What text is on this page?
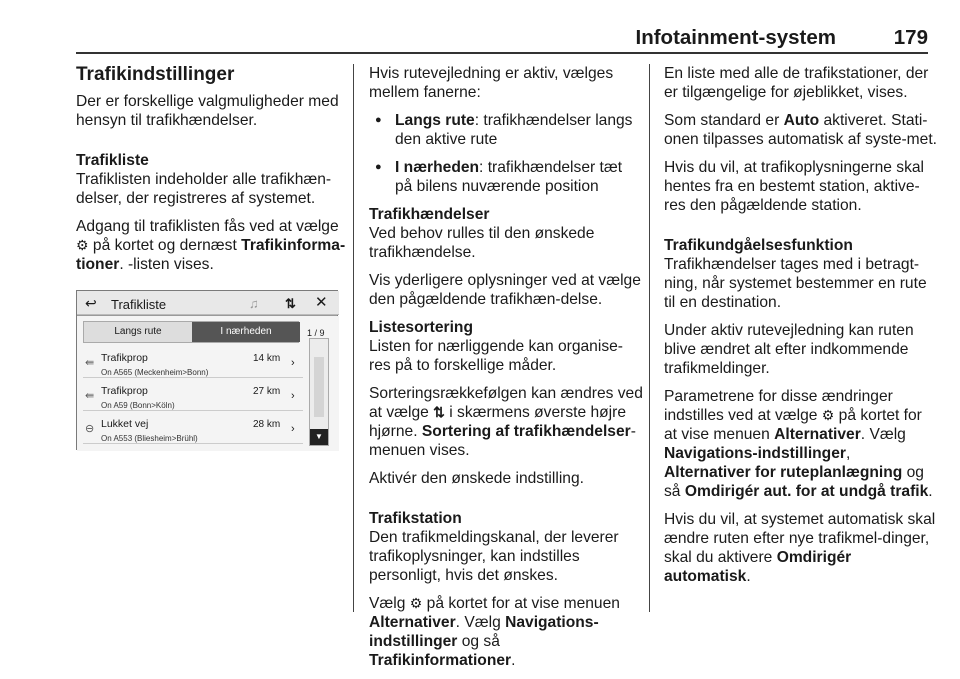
Infotainment-system	179
Trafikindstillinger

Der er forskellige valgmuligheder med hensyn til trafikhændelser.

Trafikliste

Trafiklisten indeholder alle trafikhæn-delser, der registreres af systemet.

Adgang til trafiklisten fås ved at vælge ⚙ på kortet og dernæst Trafikinforma-tioner. -listen vises.

↩ Trafikliste	♫ ⇅ ✕
Langs rute	I nærheden	1 / 9
▼
⇚ Trafikprop
On A565 (Meckenheim>Bonn)
14 km ›
⇚ Trafikprop
On A59 (Bonn>Köln)
27 km ›
⊖ Lukket vej
On A553 (Bliesheim>Brühl)
28 km ›

Hvis rutevejledning er aktiv, vælges mellem fanerne:

● Langs rute: trafikhændelser langs den aktive rute

● I nærheden: trafikhændelser tæt på bilens nuværende position

Trafikhændelser

Ved behov rulles til den ønskede trafikhændelse.

Vis yderligere oplysninger ved at vælge den pågældende trafikhæn-delse.

Listesortering

Listen for nærliggende kan organise-res på to forskellige måder.

Sorteringsrækkefølgen kan ændres ved at vælge ⇅ i skærmens øverste højre hjørne. Sortering af trafikhændelser-menuen vises.

Aktivér den ønskede indstilling.

Trafikstation

Den trafikmeldingskanal, der leverer trafikoplysninger, kan indstilles personligt, hvis det ønskes.

Vælg ⚙ på kortet for at vise menuen Alternativer. Vælg Navigations-indstillinger og så Trafikinformationer.

En liste med alle de trafikstationer, der er tilgængelige for øjeblikket, vises.

Som standard er Auto aktiveret. Stati-onen tilpasses automatisk af syste-met.

Hvis du vil, at trafikoplysningerne skal hentes fra en bestemt station, aktive-res den pågældende station.

Trafikundgåelsesfunktion

Trafikhændelser tages med i betragt-ning, når systemet bestemmer en rute til en destination.

Under aktiv rutevejledning kan ruten blive ændret alt efter indkommende trafikmeldinger.

Parametrene for disse ændringer indstilles ved at vælge ⚙ på kortet for at vise menuen Alternativer. Vælg Navigations-indstillinger, Alternativer for ruteplanlægning og så Omdirigér aut. for at undgå trafik.

Hvis du vil, at systemet automatisk skal ændre ruten efter nye trafikmel-dinger, skal du aktivere Omdirigér automatisk.
